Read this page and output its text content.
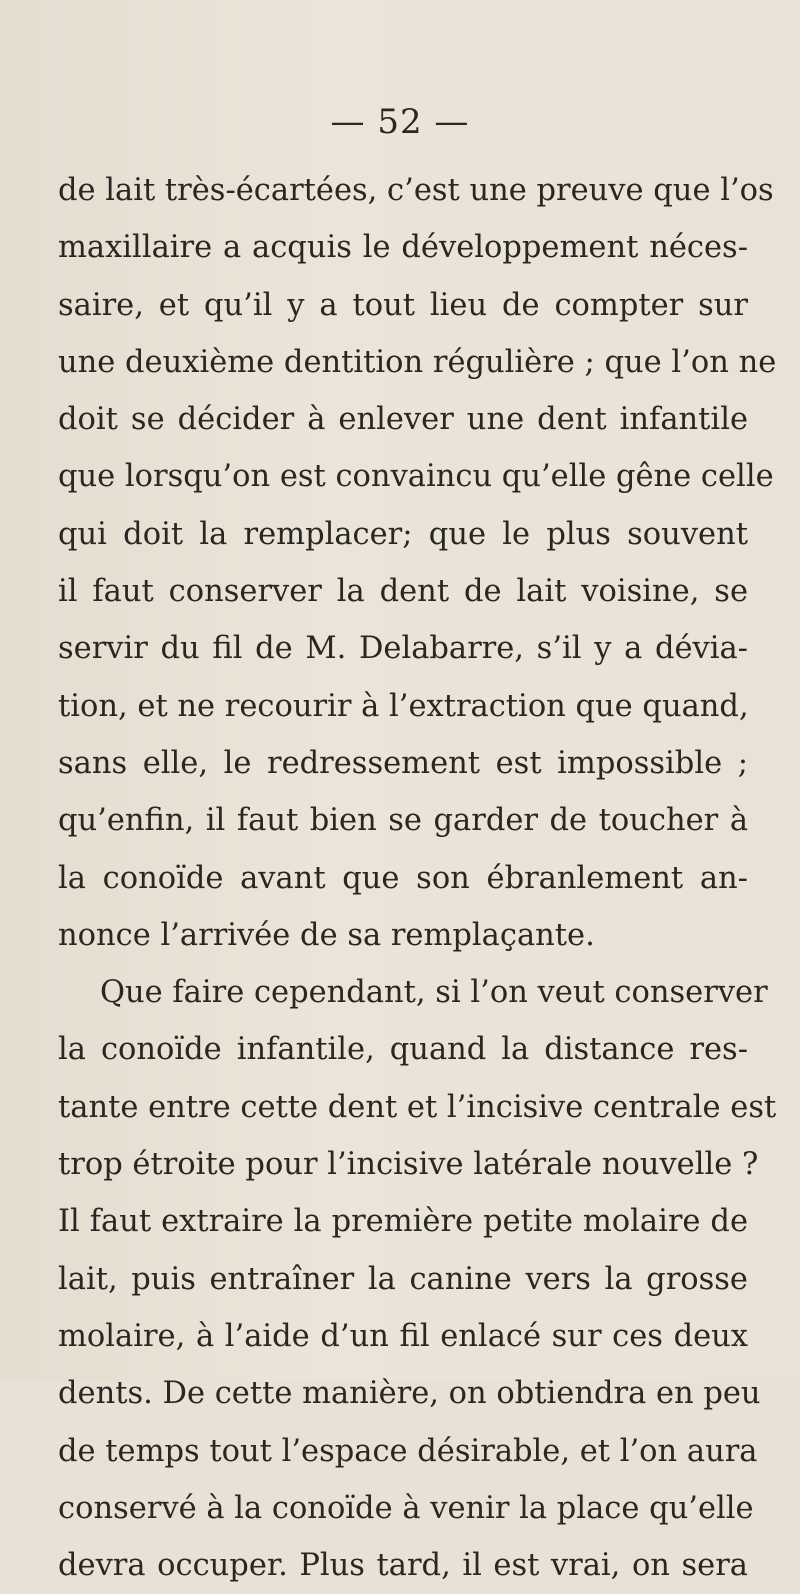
— 52 —
de lait très-écartées, c’est une preuve que l’os
maxillaire a acquis le développement néces-
saire, et qu’il y a tout lieu de compter sur
une deuxième dentition régulière ; que l’on ne
doit se décider à enlever une dent infantile
que lorsqu’on est convaincu qu’elle gêne celle
qui doit la remplacer; que le plus souvent
il faut conserver la dent de lait voisine, se
servir du fil de M. Delabarre, s’il y a dévia-
tion, et ne recourir à l’extraction que quand,
sans elle, le redressement est impossible ;
qu’enfin, il faut bien se garder de toucher à
la conoïde avant que son ébranlement an-
nonce l’arrivée de sa remplaçante.
Que faire cependant, si l’on veut conserver
la conoïde infantile, quand la distance res-
tante entre cette dent et l’incisive centrale est
trop étroite pour l’incisive latérale nouvelle ?
Il faut extraire la première petite molaire de
lait, puis entraîner la canine vers la grosse
molaire, à l’aide d’un fil enlacé sur ces deux
dents. De cette manière, on obtiendra en peu
de temps tout l’espace désirable, et l’on aura
conservé à la conoïde à venir la place qu’elle
devra occuper. Plus tard, il est vrai, on sera
